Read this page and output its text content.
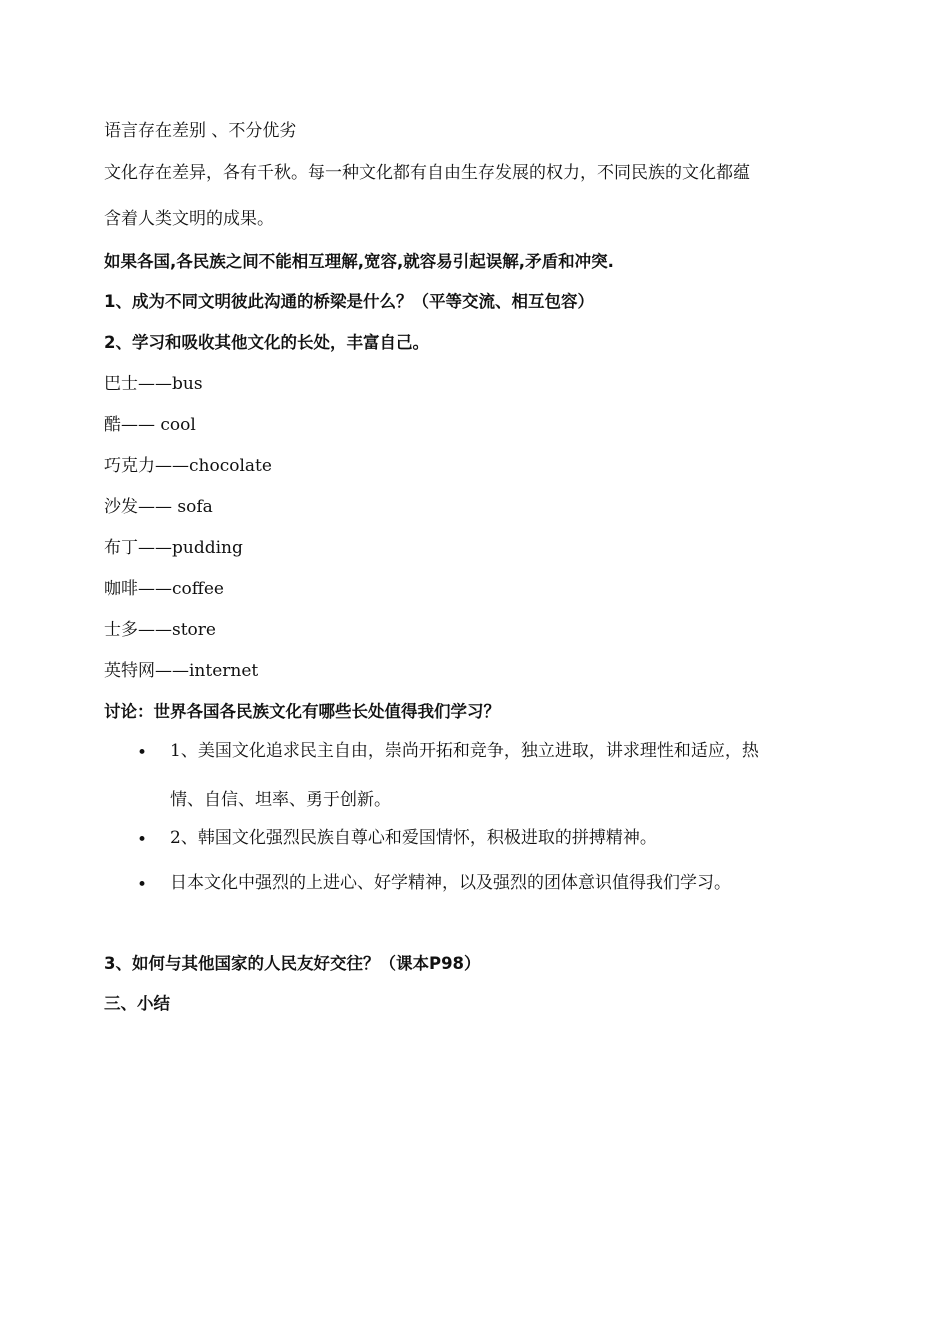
语言存在差别 、不分优劣
文化存在差异，各有千秋。每一种文化都有自由生存发展的权力，不同民族的文化都蕴
含着人类文明的成果。
如果各国,各民族之间不能相互理解,宽容,就容易引起误解,矛盾和冲突.
1、成为不同文明彼此沟通的桥梁是什么？（平等交流、相互包容）
2、学习和吸收其他文化的长处，丰富自己。
巴士——bus
酷—— cool
巧克力——chocolate
沙发—— sofa
布丁——pudding
咖啡——coffee
士多——store
英特网——internet
讨论：世界各国各民族文化有哪些长处值得我们学习？
• 1、美国文化追求民主自由，崇尚开拓和竞争，独立进取，讲求理性和适应，热
情、自信、坦率、勇于创新。
• 2、韩国文化强烈民族自尊心和爱国情怀，积极进取的拼搏精神。
• 日本文化中强烈的上进心、好学精神，以及强烈的团体意识值得我们学习。
3、如何与其他国家的人民友好交往？（课本P98）
三、小结
